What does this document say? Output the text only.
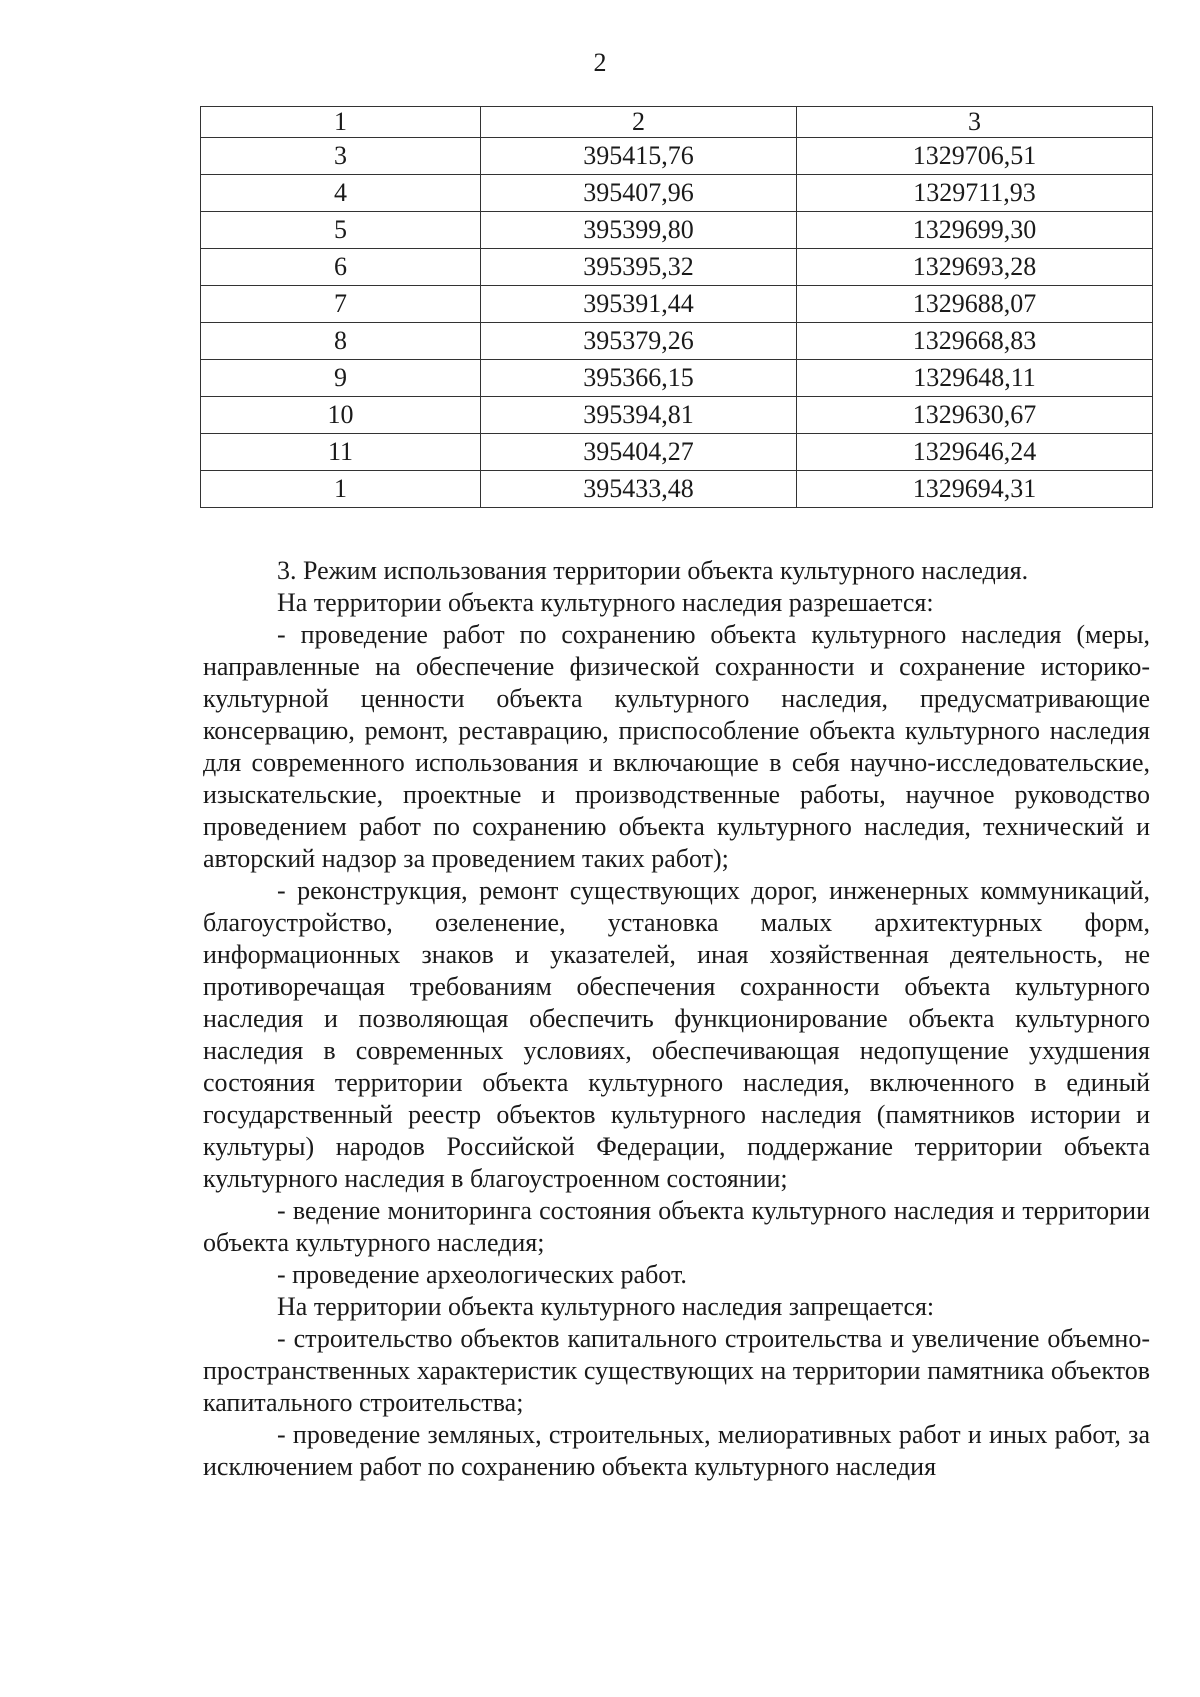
2
1	2	3
3	395415,76	1329706,51
4	395407,96	1329711,93
5	395399,80	1329699,30
6	395395,32	1329693,28
7	395391,44	1329688,07
8	395379,26	1329668,83
9	395366,15	1329648,11
10	395394,81	1329630,67
11	395404,27	1329646,24
1	395433,48	1329694,31

3. Режим использования территории объекта культурного наследия.

На территории объекта культурного наследия разрешается:

- проведение работ по сохранению объекта культурного наследия (меры, направленные на обеспечение физической сохранности и сохранение историко-культурной ценности объекта культурного наследия, предусматривающие консервацию, ремонт, реставрацию, приспособление объекта культурного наследия для современного использования и включающие в себя научно-исследовательские, изыскательские, проектные и производственные работы, научное руководство проведением работ по сохранению объекта культурного наследия, технический и авторский надзор за проведением таких работ);

- реконструкция, ремонт существующих дорог, инженерных коммуникаций, благоустройство, озеленение, установка малых архитектурных форм, информационных знаков и указателей, иная хозяйственная деятельность, не противоречащая требованиям обеспечения сохранности объекта культурного наследия и позволяющая обеспечить функционирование объекта культурного наследия в современных условиях, обеспечивающая недопущение ухудшения состояния территории объекта культурного наследия, включенного в единый государственный реестр объектов культурного наследия (памятников истории и культуры) народов Российской Федерации, поддержание территории объекта культурного наследия в благоустроенном состоянии;

- ведение мониторинга состояния объекта культурного наследия и территории объекта культурного наследия;

- проведение археологических работ.

На территории объекта культурного наследия запрещается:

- строительство объектов капитального строительства и увеличение объемно-пространственных характеристик существующих на территории памятника объектов капитального строительства;

- проведение земляных, строительных, мелиоративных работ и иных работ, за исключением работ по сохранению объекта культурного наследия
